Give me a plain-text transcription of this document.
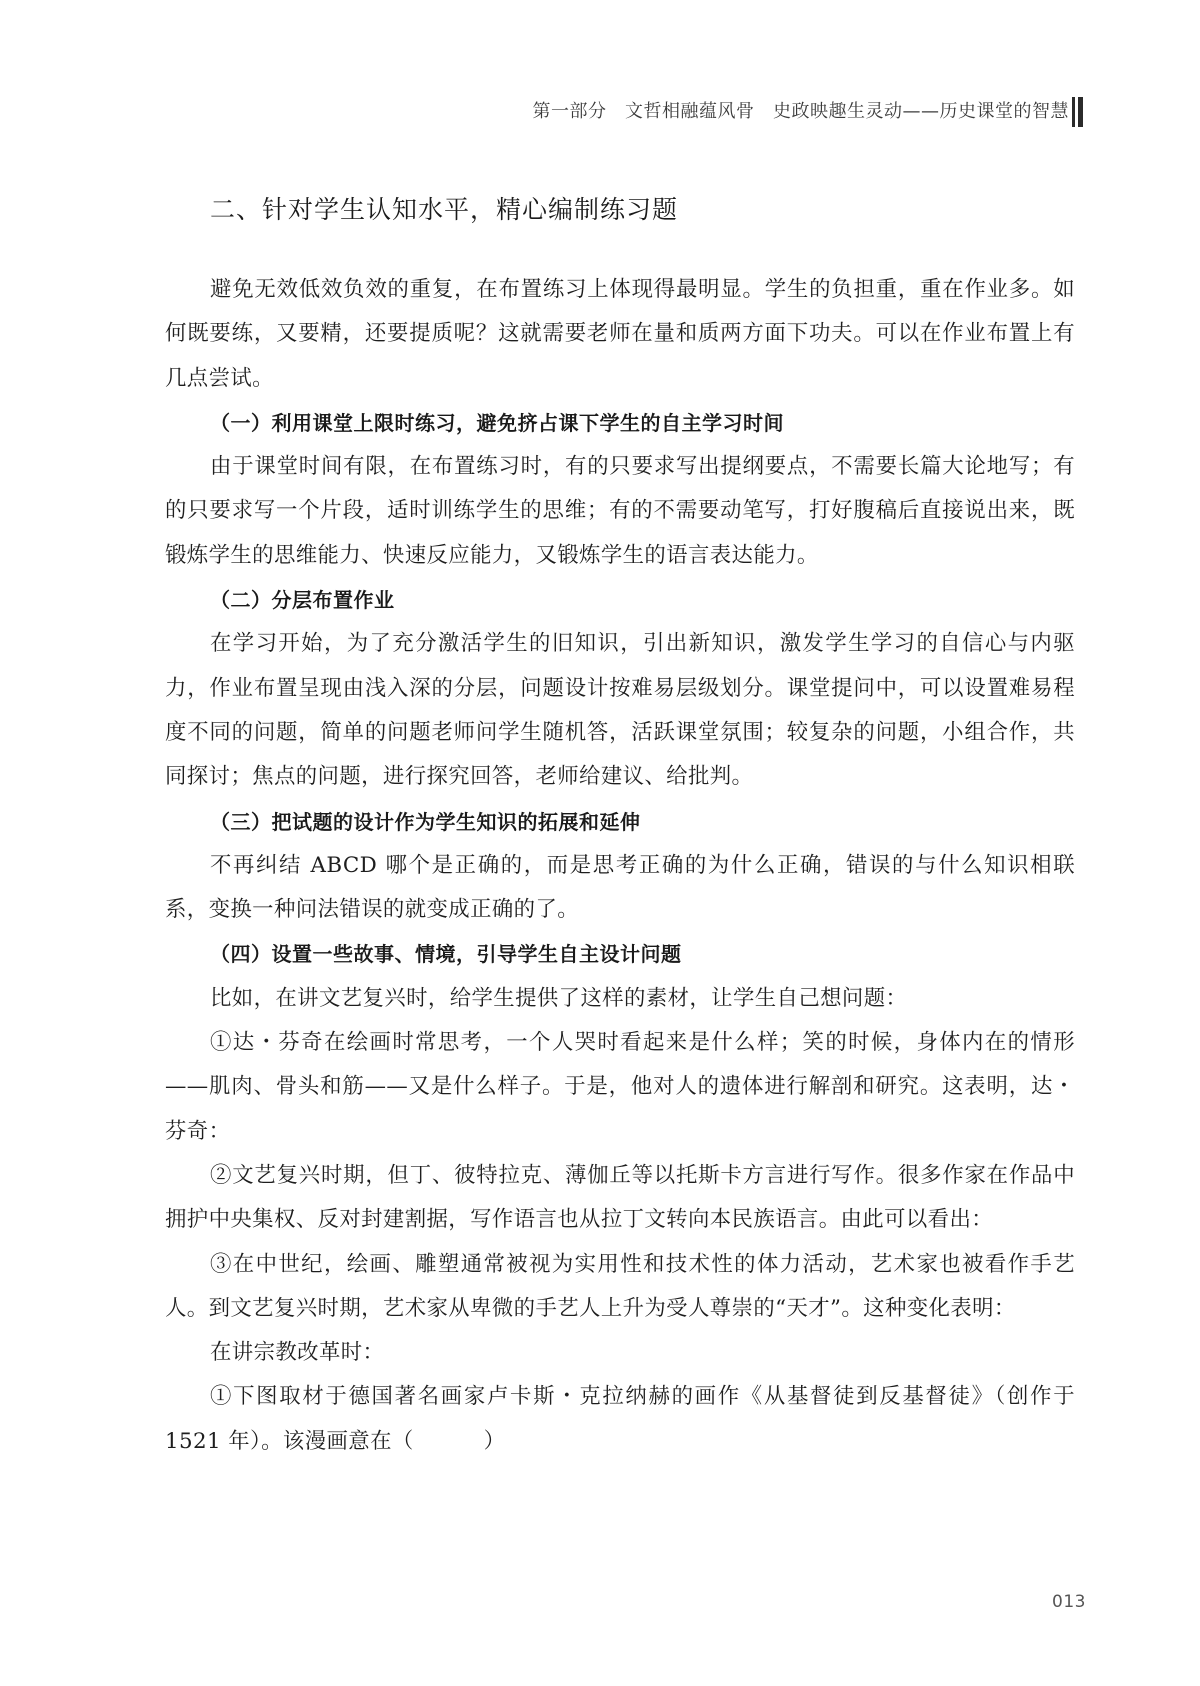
第一部分　文哲相融蕴风骨　史政映趣生灵动——历史课堂的智慧
二、针对学生认知水平，精心编制练习题

避免无效低效负效的重复，在布置练习上体现得最明显。学生的负担重，重在作业多。如何既要练，又要精，还要提质呢？这就需要老师在量和质两方面下功夫。可以在作业布置上有几点尝试。

（一）利用课堂上限时练习，避免挤占课下学生的自主学习时间

由于课堂时间有限，在布置练习时，有的只要求写出提纲要点，不需要长篇大论地写；有的只要求写一个片段，适时训练学生的思维；有的不需要动笔写，打好腹稿后直接说出来，既锻炼学生的思维能力、快速反应能力，又锻炼学生的语言表达能力。

（二）分层布置作业

在学习开始，为了充分激活学生的旧知识，引出新知识，激发学生学习的自信心与内驱力，作业布置呈现由浅入深的分层，问题设计按难易层级划分。课堂提问中，可以设置难易程度不同的问题，简单的问题老师问学生随机答，活跃课堂氛围；较复杂的问题，小组合作，共同探讨；焦点的问题，进行探究回答，老师给建议、给批判。

（三）把试题的设计作为学生知识的拓展和延伸

不再纠结 ABCD 哪个是正确的，而是思考正确的为什么正确，错误的与什么知识相联系，变换一种问法错误的就变成正确的了。

（四）设置一些故事、情境，引导学生自主设计问题

比如，在讲文艺复兴时，给学生提供了这样的素材，让学生自己想问题：

①达・芬奇在绘画时常思考，一个人哭时看起来是什么样；笑的时候，身体内在的情形——肌肉、骨头和筋——又是什么样子。于是，他对人的遗体进行解剖和研究。这表明，达・芬奇：

②文艺复兴时期，但丁、彼特拉克、薄伽丘等以托斯卡方言进行写作。很多作家在作品中拥护中央集权、反对封建割据，写作语言也从拉丁文转向本民族语言。由此可以看出：

③在中世纪，绘画、雕塑通常被视为实用性和技术性的体力活动，艺术家也被看作手艺人。到文艺复兴时期，艺术家从卑微的手艺人上升为受人尊崇的“天才”。这种变化表明：

在讲宗教改革时：

①下图取材于德国著名画家卢卡斯・克拉纳赫的画作《从基督徒到反基督徒》（创作于 1521 年）。该漫画意在（	）

013
